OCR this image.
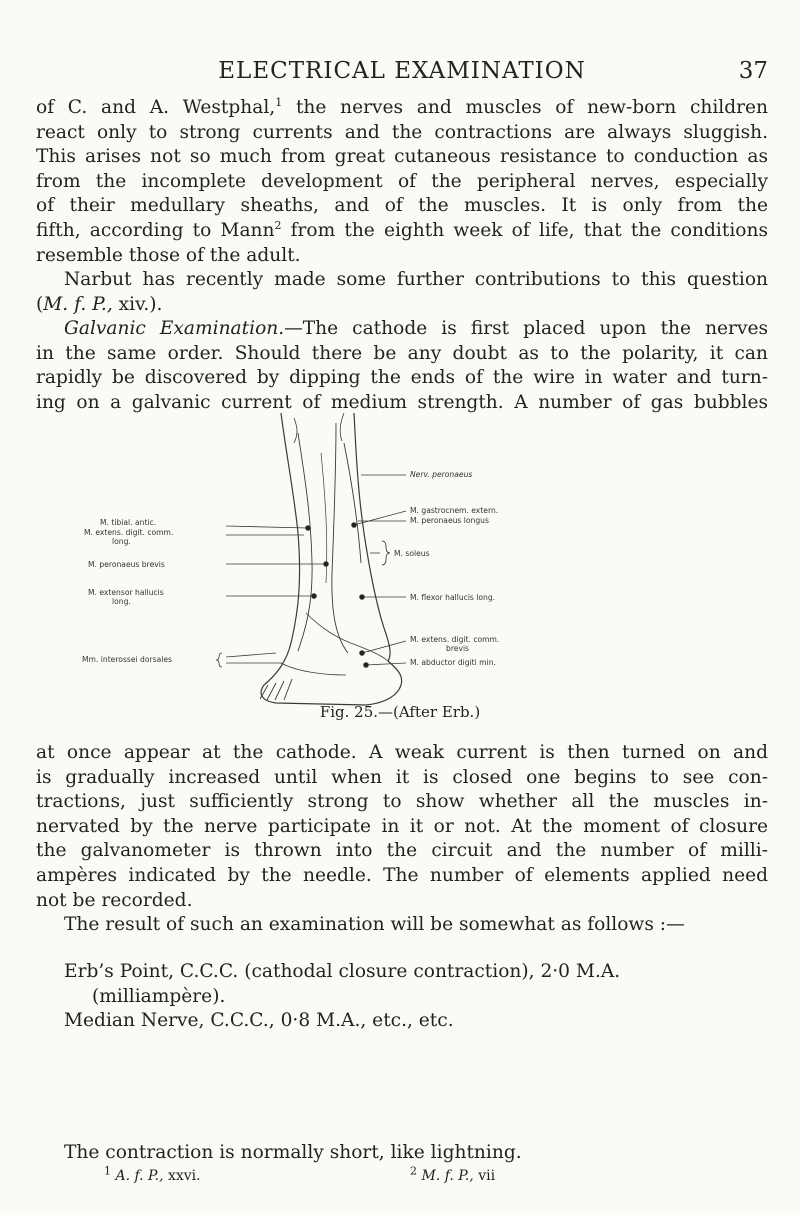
ELECTRICAL EXAMINATION	37

of C. and A. Westphal,$^1$ the nerves and muscles of new-born children
react only to strong currents and the contractions are always sluggish.
This arises not so much from great cutaneous resistance to conduction as
from the incomplete development of the peripheral nerves, especially
of their medullary sheaths, and of the muscles. It is only from the
fifth, according to Mann$^2$ from the eighth week of life, that the conditions
resemble those of the adult.

Narbut has recently made some further contributions to this question
(M. f. P., xiv.).

Galvanic Examination.—The cathode is first placed upon the nerves
in the same order. Should there be any doubt as to the polarity, it can
rapidly be discovered by dipping the ends of the wire in water and turn-
ing on a galvanic current of medium strength. A number of gas bubbles

M. tibial. antic.
M. extens. digit. comm.
long.
M. peronaeus brevis
M. extensor hallucis
long.
Mm. interossei dorsales
Nerv. peronaeus
M. gastrocnem. extern.
M. peronaeus longus
M. soleus
M. flexor hallucis long.
M. extens. digit. comm.
brevis
M. abductor digiti min.
Fig. 25.—(After Erb.)

at once appear at the cathode. A weak current is then turned on and
is gradually increased until when it is closed one begins to see con-
tractions, just sufficiently strong to show whether all the muscles in-
nervated by the nerve participate in it or not. At the moment of closure
the galvanometer is thrown into the circuit and the number of milli-
ampères indicated by the needle. The number of elements applied need
not be recorded.

The result of such an examination will be somewhat as follows :—

Erb’s Point, C.C.C. (cathodal closure contraction), 2·0 M.A.
(milliampère).
Median Nerve, C.C.C., 0·8 M.A., etc., etc.

The contraction is normally short, like lightning.

$^1$ A. f. P., xxvi.	$^2$ M. f. P., vii
